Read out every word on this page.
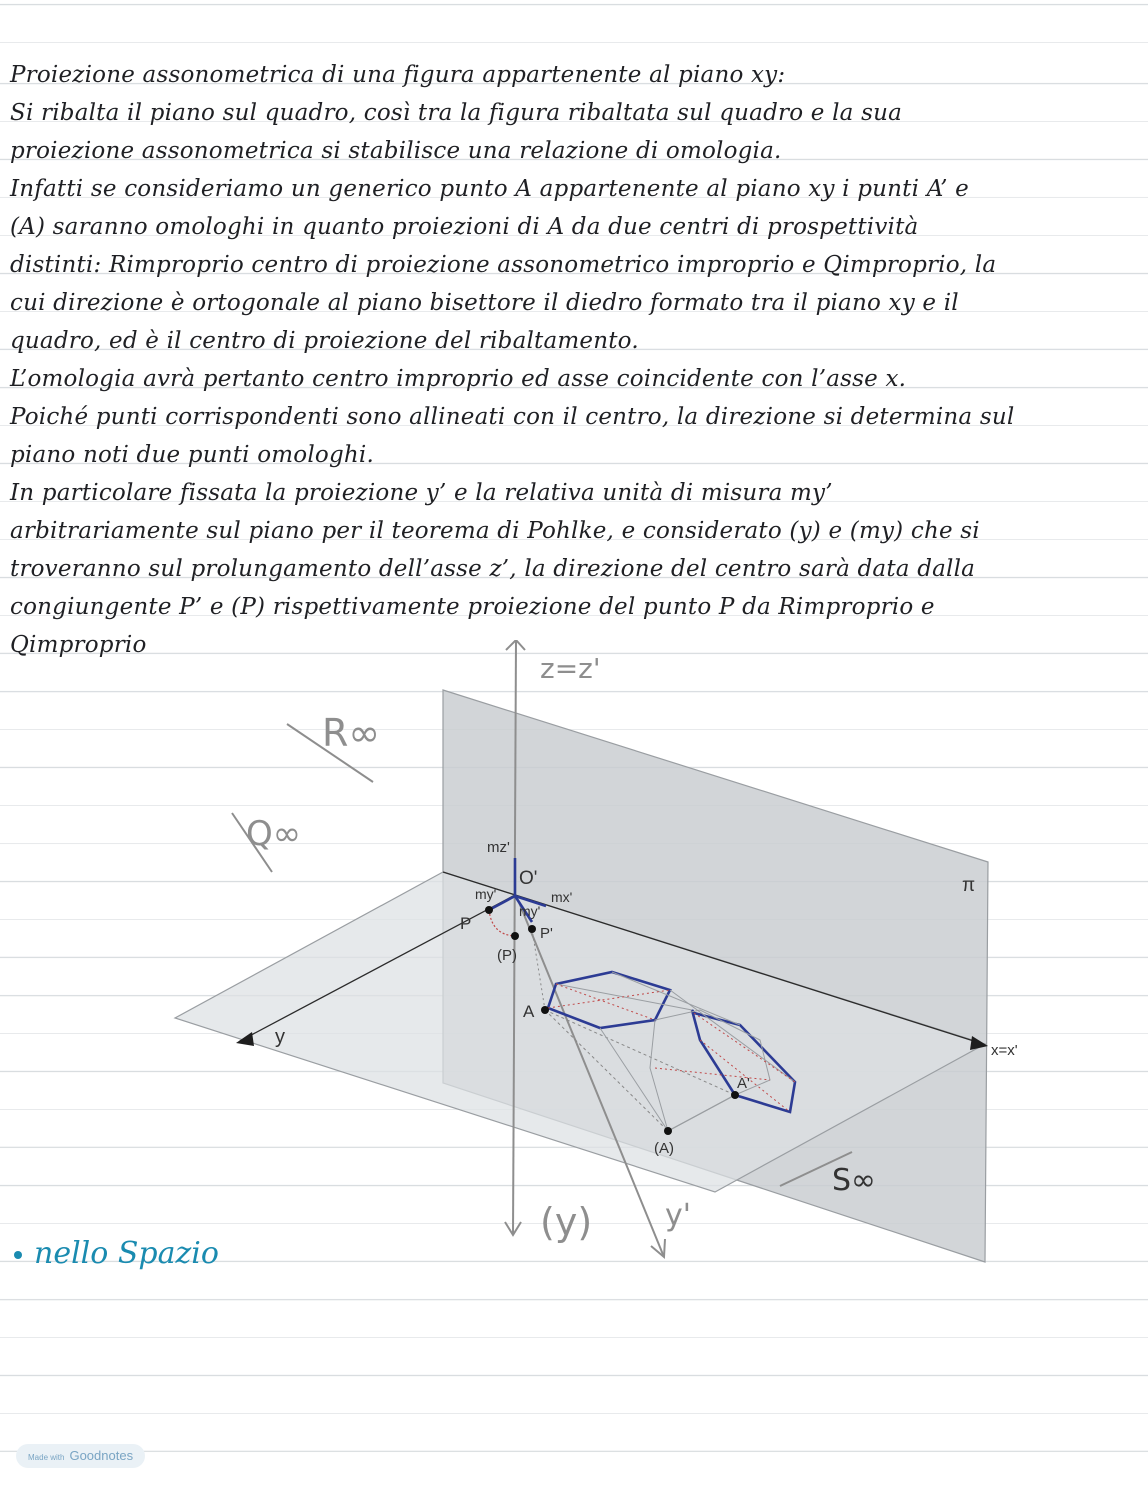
Proiezione assonometrica di una figura appartenente al piano xy:
Si ribalta il piano sul quadro, così tra la figura ribaltata sul quadro e la sua
proiezione assonometrica si stabilisce una relazione di omologia.
Infatti se consideriamo un generico punto A appartenente al piano xy i punti A’ e
(A) saranno omologhi in quanto proiezioni di A da due centri di prospettività
distinti: Rimproprio centro di proiezione assonometrico improprio e Qimproprio, la
cui direzione è ortogonale al piano bisettore il diedro formato tra il piano xy e il
quadro, ed è il centro di proiezione del ribaltamento.
L’omologia avrà pertanto centro improprio ed asse coincidente con l’asse x.
Poiché punti corrispondenti sono allineati con il centro, la direzione si determina sul
piano noti due punti omologhi.
In particolare fissata la proiezione y’ e la relativa unità di misura my’
arbitrariamente sul piano per il teorema di Pohlke, e considerato (y) e (my) che si
troveranno sul prolungamento dell’asse z’, la direzione del centro sarà data dalla
congiungente P’ e (P) rispettivamente proiezione del punto P da Rimproprio e
Qimproprio
mz'
O'
my'
my'
mx'
P
P'
(P)
A
A'
(A)
y
x=x'
π
z=z'
R∞
Q∞
S∞
(y) y'
nello Spazio
Made with Goodnotes
